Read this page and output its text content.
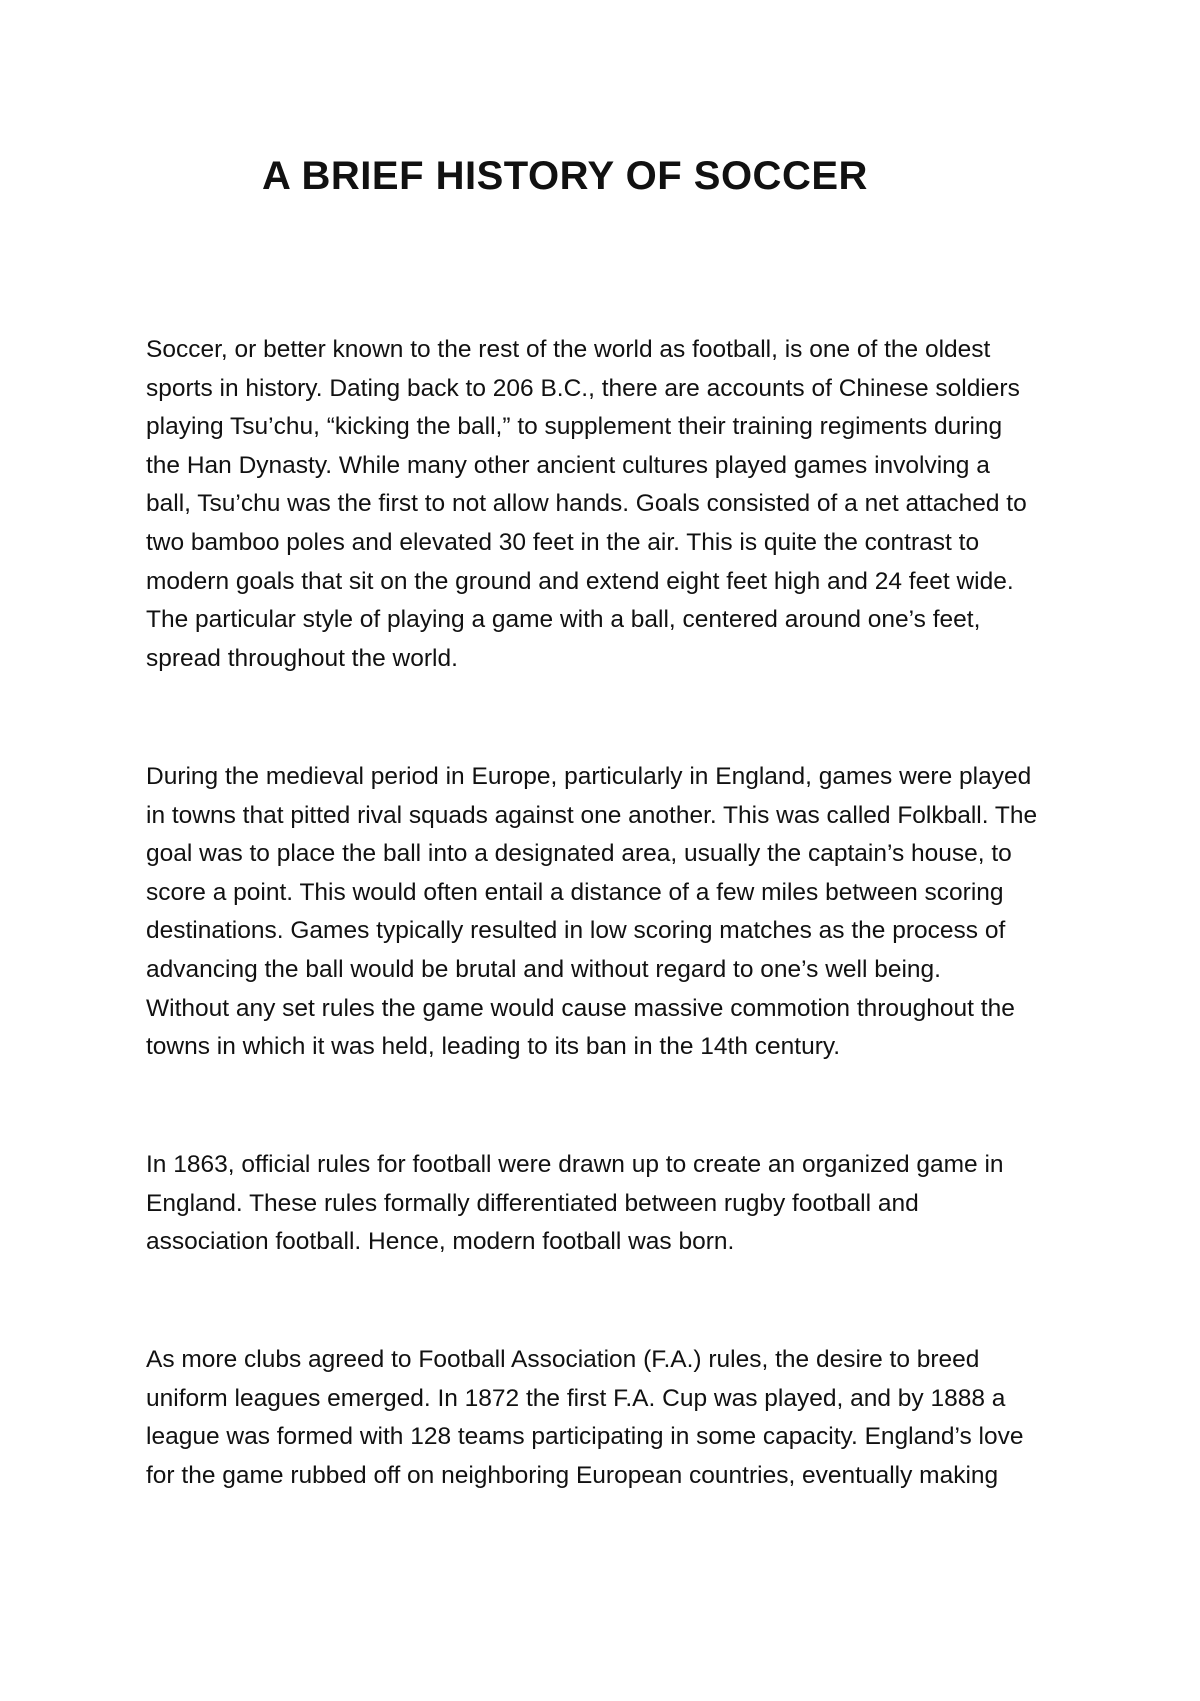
A BRIEF HISTORY OF SOCCER
Soccer, or better known to the rest of the world as football, is one of the oldest
sports in history. Dating back to 206 B.C., there are accounts of Chinese soldiers
playing Tsu’chu, “kicking the ball,” to supplement their training regiments during
the Han Dynasty. While many other ancient cultures played games involving a
ball, Tsu’chu was the first to not allow hands. Goals consisted of a net attached to
two bamboo poles and elevated 30 feet in the air. This is quite the contrast to
modern goals that sit on the ground and extend eight feet high and 24 feet wide.
The particular style of playing a game with a ball, centered around one’s feet,
spread throughout the world.
During the medieval period in Europe, particularly in England, games were played
in towns that pitted rival squads against one another. This was called Folkball. The
goal was to place the ball into a designated area, usually the captain’s house, to
score a point. This would often entail a distance of a few miles between scoring
destinations. Games typically resulted in low scoring matches as the process of
advancing the ball would be brutal and without regard to one’s well being.
Without any set rules the game would cause massive commotion throughout the
towns in which it was held, leading to its ban in the 14th century.
In 1863, official rules for football were drawn up to create an organized game in
England. These rules formally differentiated between rugby football and
association football. Hence, modern football was born.
As more clubs agreed to Football Association (F.A.) rules, the desire to breed
uniform leagues emerged. In 1872 the first F.A. Cup was played, and by 1888 a
league was formed with 128 teams participating in some capacity. England’s love
for the game rubbed off on neighboring European countries, eventually making
